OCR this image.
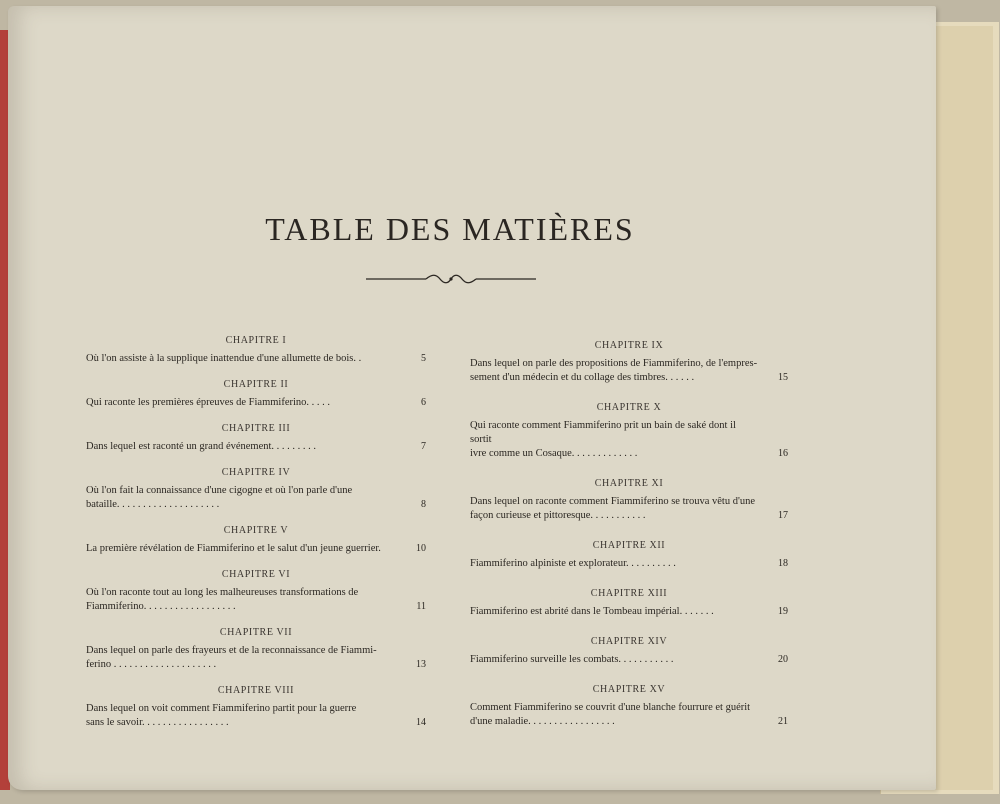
TABLE DES MATIÈRES
CHAPITRE I
Où l'on assiste à la supplique inattendue d'une allumette de bois. .	5
CHAPITRE II
Qui raconte les premières épreuves de Fiammiferino. . . . .	6
CHAPITRE III
Dans lequel est raconté un grand événement. . . . . . . . .	7
CHAPITRE IV
Où l'on fait la connaissance d'une cigogne et où l'on parle d'une
bataille. . . . . . . . . . . . . . . . . . . .	8
CHAPITRE V
La première révélation de Fiammiferino et le salut d'un jeune guerrier.	10
CHAPITRE VI
Où l'on raconte tout au long les malheureuses transformations de
Fiammiferino. . . . . . . . . . . . . . . . . .	11
CHAPITRE VII
Dans lequel on parle des frayeurs et de la reconnaissance de Fiammi-
ferino . . . . . . . . . . . . . . . . . . . .	13
CHAPITRE VIII
Dans lequel on voit comment Fiammiferino partit pour la guerre
sans le savoir. . . . . . . . . . . . . . . . .	14
CHAPITRE IX
Dans lequel on parle des propositions de Fiammiferino, de l'empres-
sement d'un médecin et du collage des timbres. . . . . .	15
CHAPITRE X
Qui raconte comment Fiammiferino prit un bain de saké dont il sortit
ivre comme un Cosaque. . . . . . . . . . . . .	16
CHAPITRE XI
Dans lequel on raconte comment Fiammiferino se trouva vêtu d'une
façon curieuse et pittoresque. . . . . . . . . . .	17
CHAPITRE XII
Fiammiferino alpiniste et explorateur. . . . . . . . . .	18
CHAPITRE XIII
Fiammiferino est abrité dans le Tombeau impérial. . . . . . .	19
CHAPITRE XIV
Fiammiferino surveille les combats. . . . . . . . . . .	20
CHAPITRE XV
Comment Fiammiferino se couvrit d'une blanche fourrure et guérit
d'une maladie. . . . . . . . . . . . . . . . .	21
